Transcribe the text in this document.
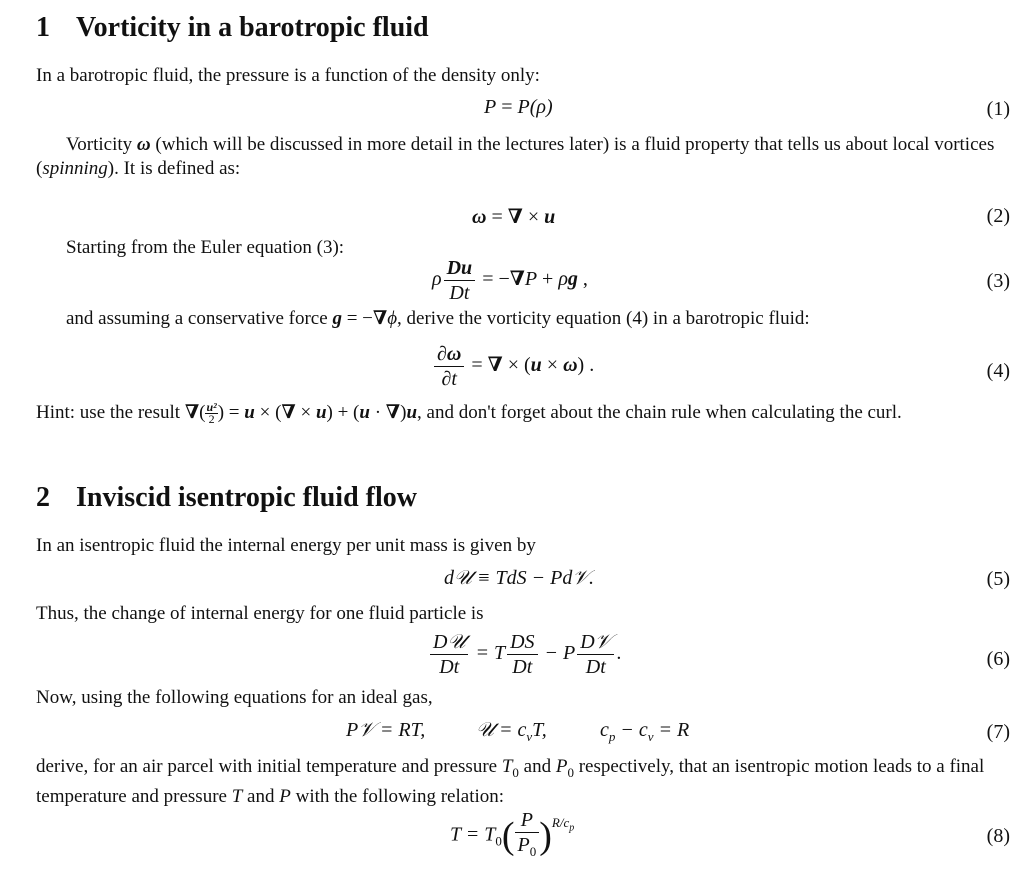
1 Vorticity in a barotropic fluid
In a barotropic fluid, the pressure is a function of the density only:
P = P(ρ)	(1)
Vorticity ω (which will be discussed in more detail in the lectures later) is a fluid property that tells us about local vortices (spinning). It is defined as:
ω = ∇ × u	(2)
Starting from the Euler equation (3):
ρ $\frac{Du}{Dt} = -\nabla P + \rho g$ ,	(3)
and assuming a conservative force g = −∇ϕ, derive the vorticity equation (4) in a barotropic fluid:
$\frac{\partial\omega}{\partial t}$ = ∇ × (u × ω) .	(4)
Hint: use the result ∇( $\frac{\text{u²}}{2}$ ) = u × (∇ × u) + (u · ∇)u, and don't forget about the chain rule when calculating the curl.
2 Inviscid isentropic fluid flow
In an isentropic fluid the internal energy per unit mass is given by
d𝒰 ≡ TdS − Pd𝒱.	(5)
Thus, the change of internal energy for one fluid particle is
$\frac{\text{D𝒰}}{Dt} = T \frac{DS}{Dt} - P \frac{\text{D𝒱}}{Dt}$ .	(6)
Now, using the following equations for an ideal gas,
P𝒱 = RT,	𝒰 = $c_vT$,	$c_p - c_v = R$	(7)
derive, for an air parcel with initial temperature and pressure $T_0$ and $P_0$ respectively, that an isentropic motion leads to a final temperature and pressure T and P with the following relation:
$T = T_0( \frac{P}{P_0} )^{R/c_p}$	(8)
